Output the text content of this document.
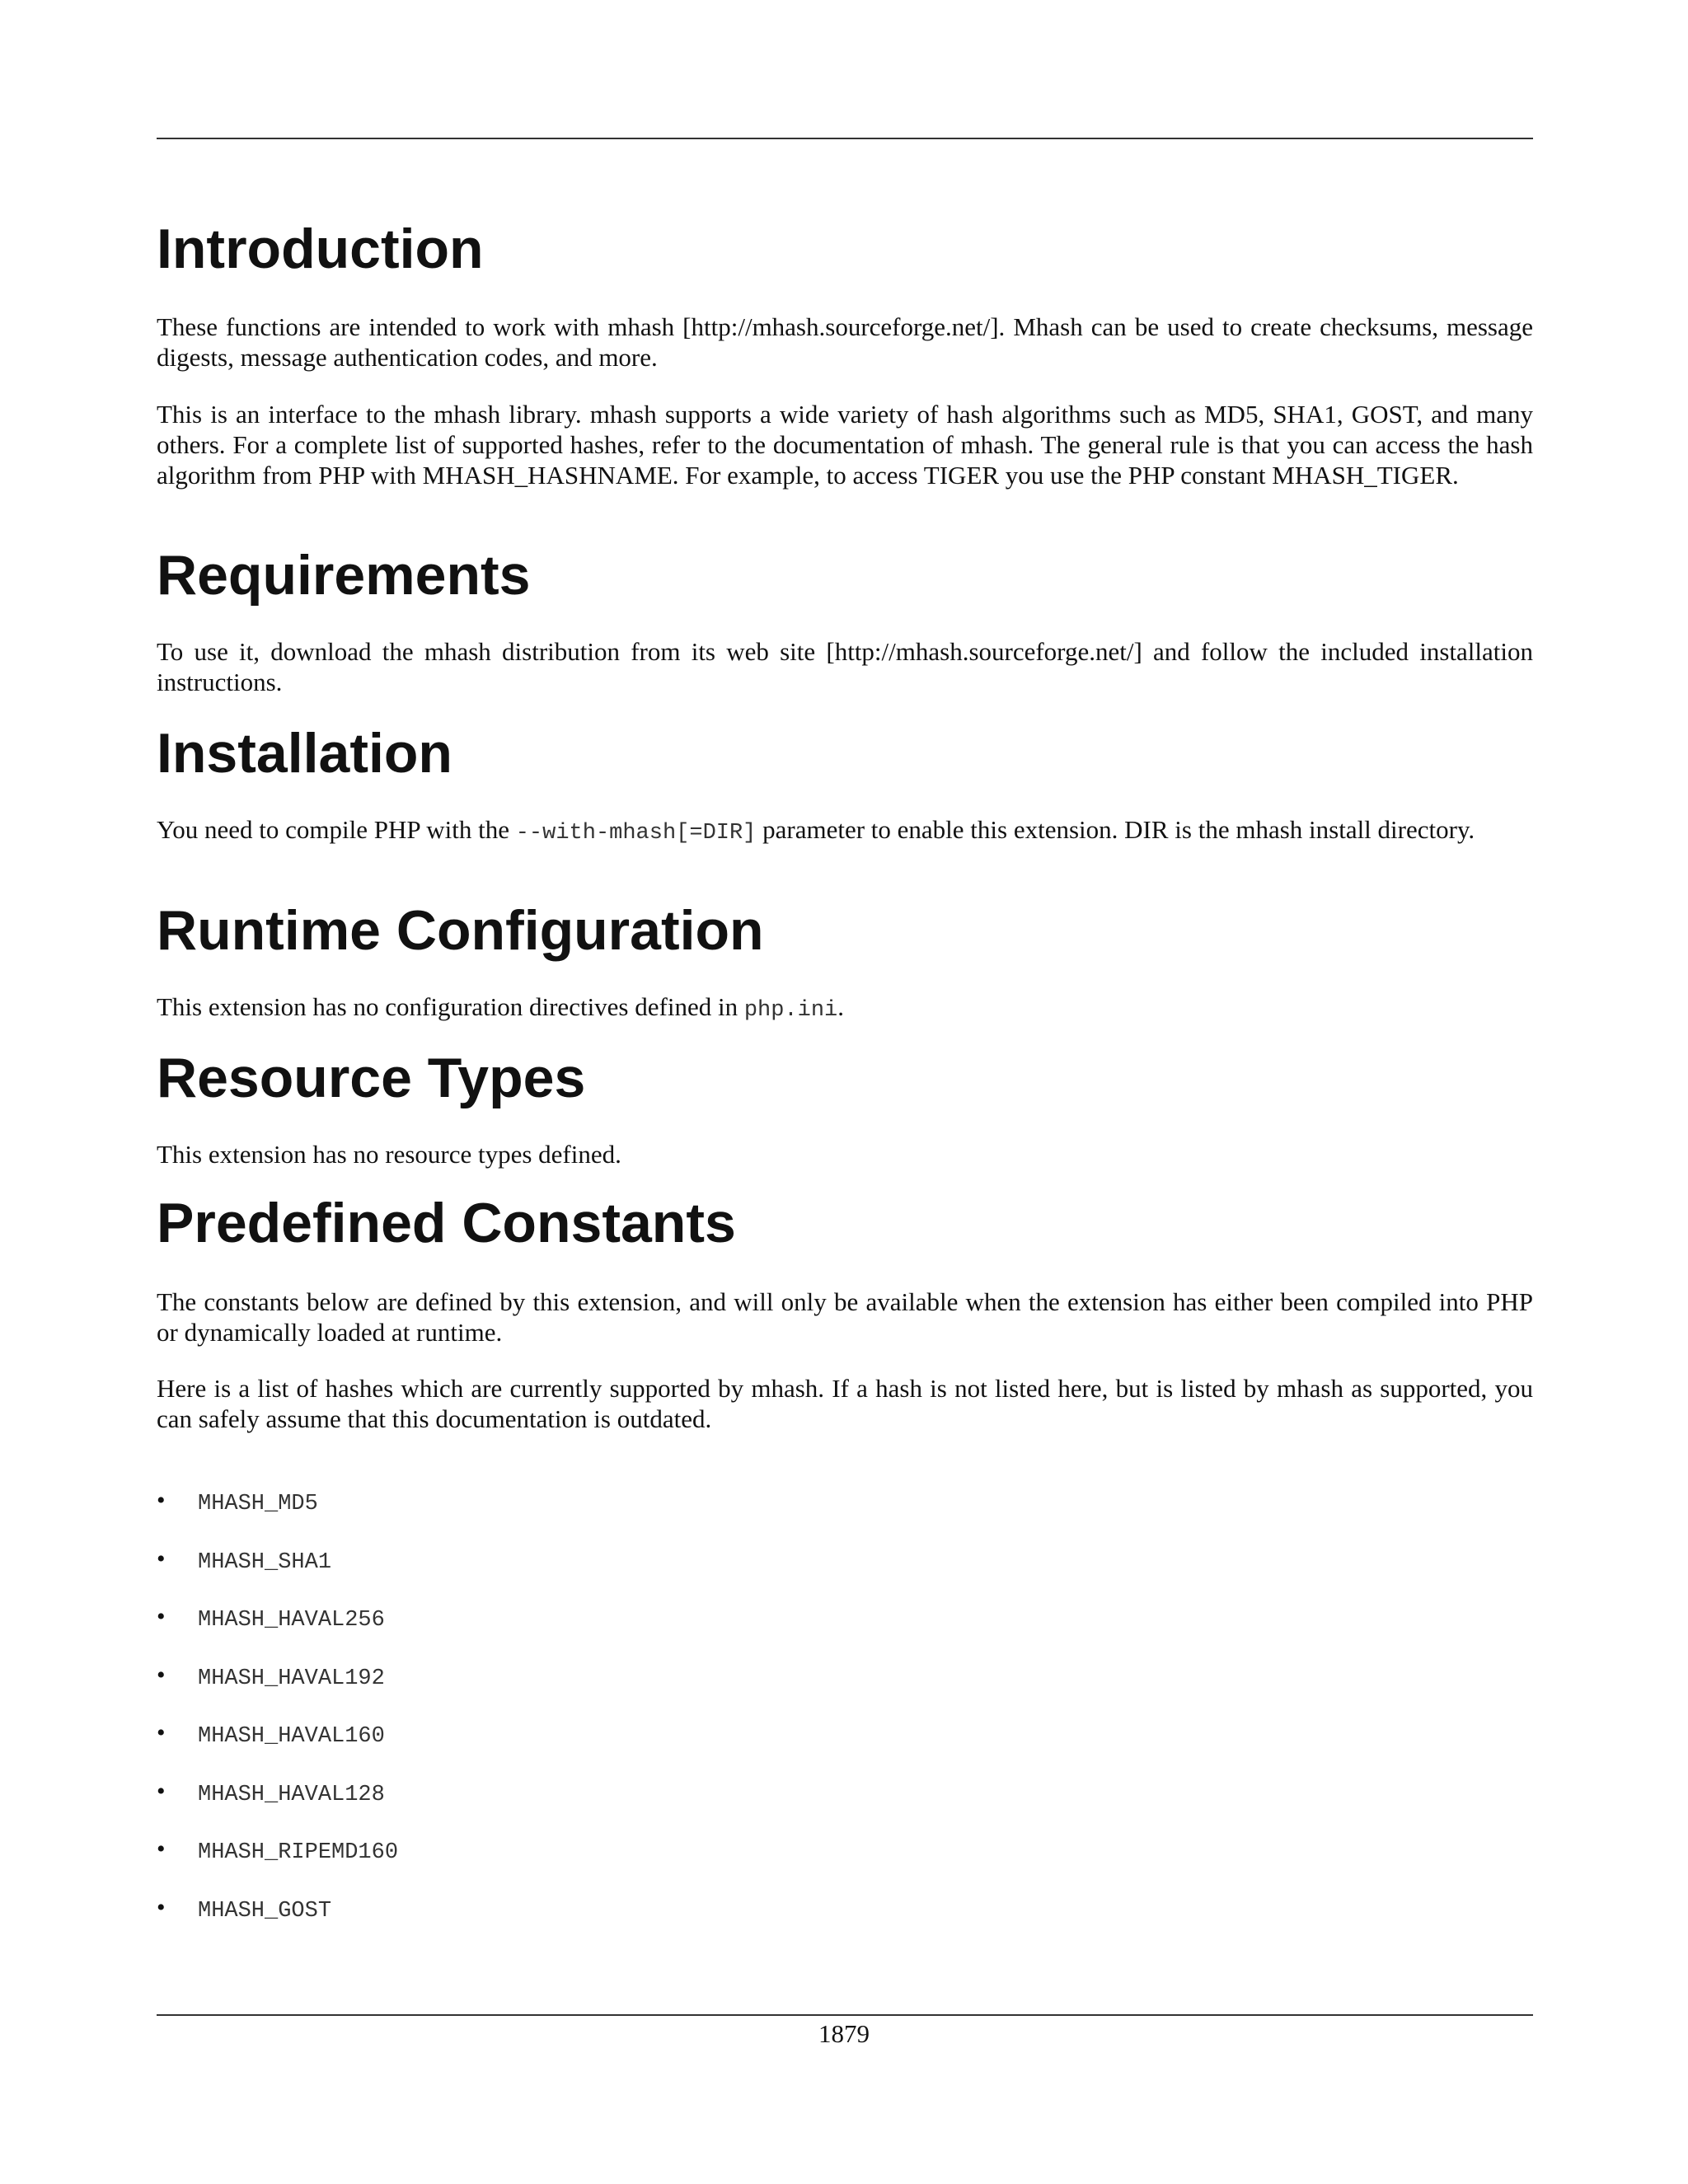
Introduction

These functions are intended to work with mhash [http://mhash.sourceforge.net/]. Mhash can be used to create checksums, message digests, message authentication codes, and more.

This is an interface to the mhash library. mhash supports a wide variety of hash algorithms such as MD5, SHA1, GOST, and many others. For a complete list of supported hashes, refer to the documentation of mhash. The general rule is that you can access the hash algorithm from PHP with MHASH_HASHNAME. For example, to access TIGER you use the PHP constant MHASH_TIGER.

Requirements

To use it, download the mhash distribution from its web site [http://mhash.sourceforge.net/] and follow the included installation instructions.

Installation

You need to compile PHP with the --with-mhash[=DIR] parameter to enable this extension. DIR is the mhash install directory.

Runtime Configuration

This extension has no configuration directives defined in php.ini.

Resource Types

This extension has no resource types defined.

Predefined Constants

The constants below are defined by this extension, and will only be available when the extension has either been compiled into PHP or dynamically loaded at runtime.

Here is a list of hashes which are currently supported by mhash. If a hash is not listed here, but is listed by mhash as supported, you can safely assume that this documentation is outdated.

• MHASH_MD5
• MHASH_SHA1
• MHASH_HAVAL256
• MHASH_HAVAL192
• MHASH_HAVAL160
• MHASH_HAVAL128
• MHASH_RIPEMD160
• MHASH_GOST
1879
